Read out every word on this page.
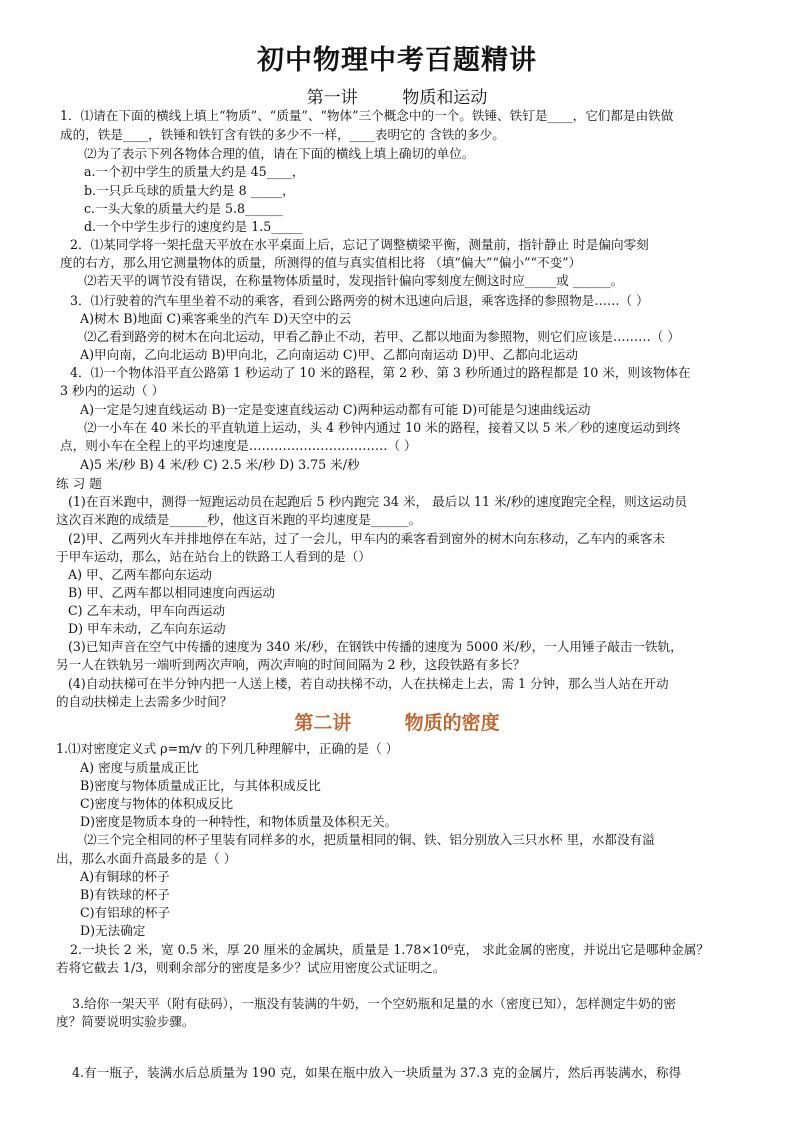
初中物理中考百题精讲
第一讲	物质和运动
第二讲	物质的密度
1．⑴请在下面的横线上填上“物质”、“质量”、“物体”三个概念中的一个。铁锤、铁钉是____，它们都是由铁做
成的，铁是____，铁锤和铁钉含有铁的多少不一样，____表明它的 含铁的多少。
⑵为了表示下列各物体合理的值，请在下面的横线上填上确切的单位。
a.一个初中学生的质量大约是 45____，
b.一只乒乓球的质量大约是 8 _____，
c.一头大象的质量大约是 5.8______
d.一个中学生步行的速度约是 1.5_____
2．⑴某同学将一架托盘天平放在水平桌面上后，忘记了调整横梁平衡，测量前，指针静止 时是偏向零刻
度的右方，那么用它测量物体的质量，所测得的值与真实值相比将 （填“偏大”“偏小”“不变”）
⑵若天平的调节没有错误，在称量物体质量时，发现指针偏向零刻度左侧这时应_____或 ______。
3．⑴行驶着的汽车里坐着不动的乘客，看到公路两旁的树木迅速向后退，乘客选择的参照物是……（ ）
A)树木 B)地面 C)乘客乘坐的汽车 D)天空中的云
⑵乙看到路旁的树木在向北运动，甲看乙静止不动，若甲、乙都以地面为参照物，则它们应该是………（ ）
A)甲向南，乙向北运动 B)甲向北，乙向南运动 C)甲、乙都向南运动 D)甲、乙都向北运动
4．⑴一个物体沿平直公路第 1 秒运动了 10 米的路程，第 2 秒、第 3 秒所通过的路程都是 10 米，则该物体在
3 秒内的运动（ ）
A)一定是匀速直线运动 B)一定是变速直线运动 C)两种运动都有可能 D)可能是匀速曲线运动
⑵一小车在 40 米长的平直轨道上运动，头 4 秒钟内通过 10 米的路程，接着又以 5 米／秒的速度运动到终
点，则小车在全程上的平均速度是……………………………（ ）
A)5 米/秒 B) 4 米/秒 C) 2.5 米/秒 D) 3.75 米/秒
练 习 题
(1)在百米跑中，测得一短跑运动员在起跑后 5 秒内跑完 34 米， 最后以 11 米/秒的速度跑完全程，则这运动员
这次百米跑的成绩是______秒，他这百米跑的平均速度是______。
(2)甲、乙两列火车并排地停在车站，过了一会儿，甲车内的乘客看到窗外的树木向东移动，乙车内的乘客未
于甲车运动，那么，站在站台上的铁路工人看到的是（）
A) 甲、乙两车都向东运动
B) 甲、乙两车都以相同速度向西运动
C) 乙车未动，甲车向西运动
D) 甲车未动，乙车向东运动
(3)已知声音在空气中传播的速度为 340 米/秒，在钢铁中传播的速度为 5000 米/秒，一人用锤子敲击一铁轨，
另一人在铁轨另一端听到两次声响，两次声响的时间间隔为 2 秒，这段铁路有多长？
(4)自动扶梯可在半分钟内把一人送上楼，若自动扶梯不动，人在扶梯走上去，需 1 分钟，那么当人站在开动
的自动扶梯走上去需多少时间？
1.⑴对密度定义式 ρ=m/v 的下列几种理解中，正确的是（ ）
A) 密度与质量成正比
B)密度与物体质量成正比，与其体积成反比
C)密度与物体的体积成反比
D)密度是物质本身的一种特性，和物体质量及体积无关。
⑵三个完全相同的杯子里装有同样多的水，把质量相同的铜、铁、铝分别放入三只水杯 里，水都没有溢
出，那么水面升高最多的是（ ）
A)有铜球的杯子
B)有铁球的杯子
C)有铝球的杯子
D)无法确定
2.一块长 2 米，宽 0.5 米，厚 20 厘米的金属块，质量是 1.78×10⁶克， 求此金属的密度，并说出它是哪种金属？
若将它截去 1/3，则剩余部分的密度是多少？试应用密度公式证明之。
3.给你一架天平（附有砝码），一瓶没有装满的牛奶，一个空奶瓶和足量的水（密度已知），怎样测定牛奶的密
度？简要说明实验步骤。
4.有一瓶子，装满水后总质量为 190 克，如果在瓶中放入一块质量为 37.3 克的金属片，然后再装满水，称得
